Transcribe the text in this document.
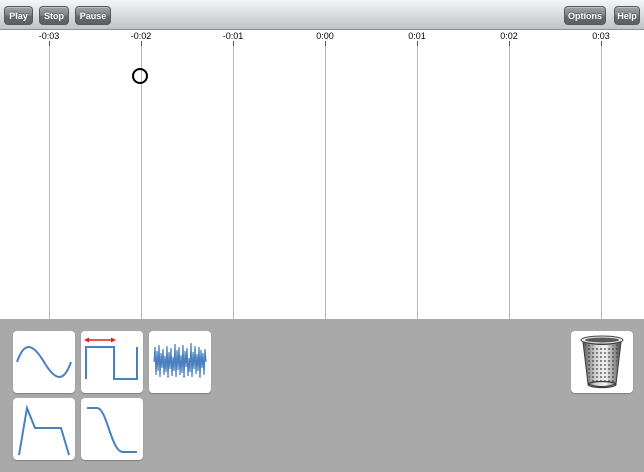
Play	Stop	Pause	Options	Help
-0:03	-0:02	-0:01	0:00	0:01	0:02	0:03
